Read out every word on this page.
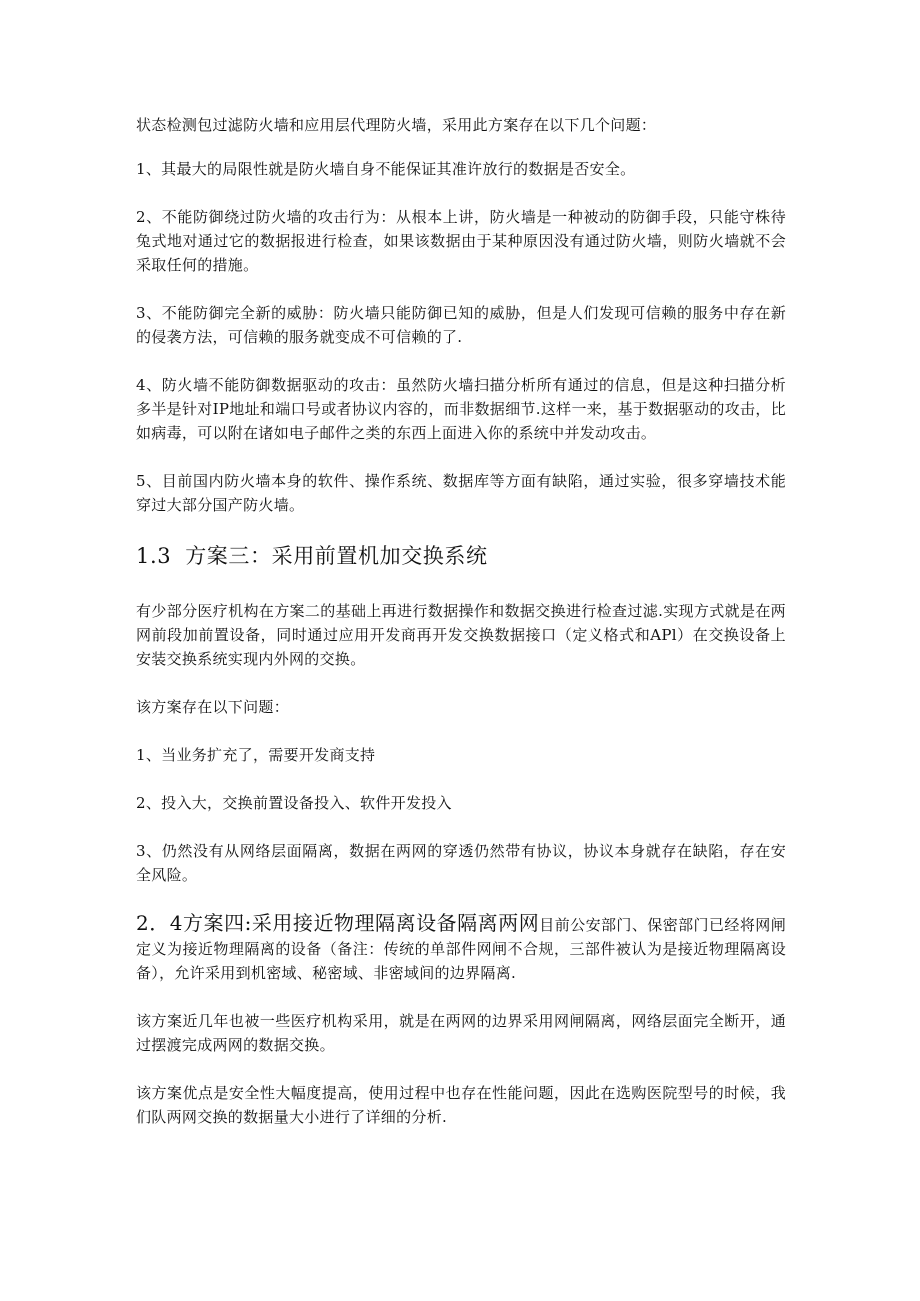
状态检测包过滤防火墙和应用层代理防火墙，采用此方案存在以下几个问题：

1、其最大的局限性就是防火墙自身不能保证其准许放行的数据是否安全。

2、不能防御绕过防火墙的攻击行为：从根本上讲，防火墙是一种被动的防御手段，只能守株待兔式地对通过它的数据报进行检查，如果该数据由于某种原因没有通过防火墙，则防火墙就不会采取任何的措施。

3、不能防御完全新的威胁：防火墙只能防御已知的威胁，但是人们发现可信赖的服务中存在新的侵袭方法，可信赖的服务就变成不可信赖的了.

4、防火墙不能防御数据驱动的攻击：虽然防火墙扫描分析所有通过的信息，但是这种扫描分析多半是针对IP地址和端口号或者协议内容的，而非数据细节.这样一来，基于数据驱动的攻击，比如病毒，可以附在诸如电子邮件之类的东西上面进入你的系统中并发动攻击。

5、目前国内防火墙本身的软件、操作系统、数据库等方面有缺陷，通过实验，很多穿墙技术能穿过大部分国产防火墙。

1.3 方案三：采用前置机加交换系统

有少部分医疗机构在方案二的基础上再进行数据操作和数据交换进行检查过滤.实现方式就是在两网前段加前置设备，同时通过应用开发商再开发交换数据接口（定义格式和APl）在交换设备上安装交换系统实现内外网的交换。

该方案存在以下问题：

1、当业务扩充了，需要开发商支持

2、投入大，交换前置设备投入、软件开发投入

3、仍然没有从网络层面隔离，数据在两网的穿透仍然带有协议，协议本身就存在缺陷，存在安全风险。

2．4方案四:采用接近物理隔离设备隔离两网目前公安部门、保密部门已经将网闸定义为接近物理隔离的设备（备注：传统的单部件网闸不合规，三部件被认为是接近物理隔离设备），允许采用到机密域、秘密域、非密域间的边界隔离.

该方案近几年也被一些医疗机构采用，就是在两网的边界采用网闸隔离，网络层面完全断开，通过摆渡完成两网的数据交换。

该方案优点是安全性大幅度提高，使用过程中也存在性能问题，因此在选购医院型号的时候，我们队两网交换的数据量大小进行了详细的分析.
